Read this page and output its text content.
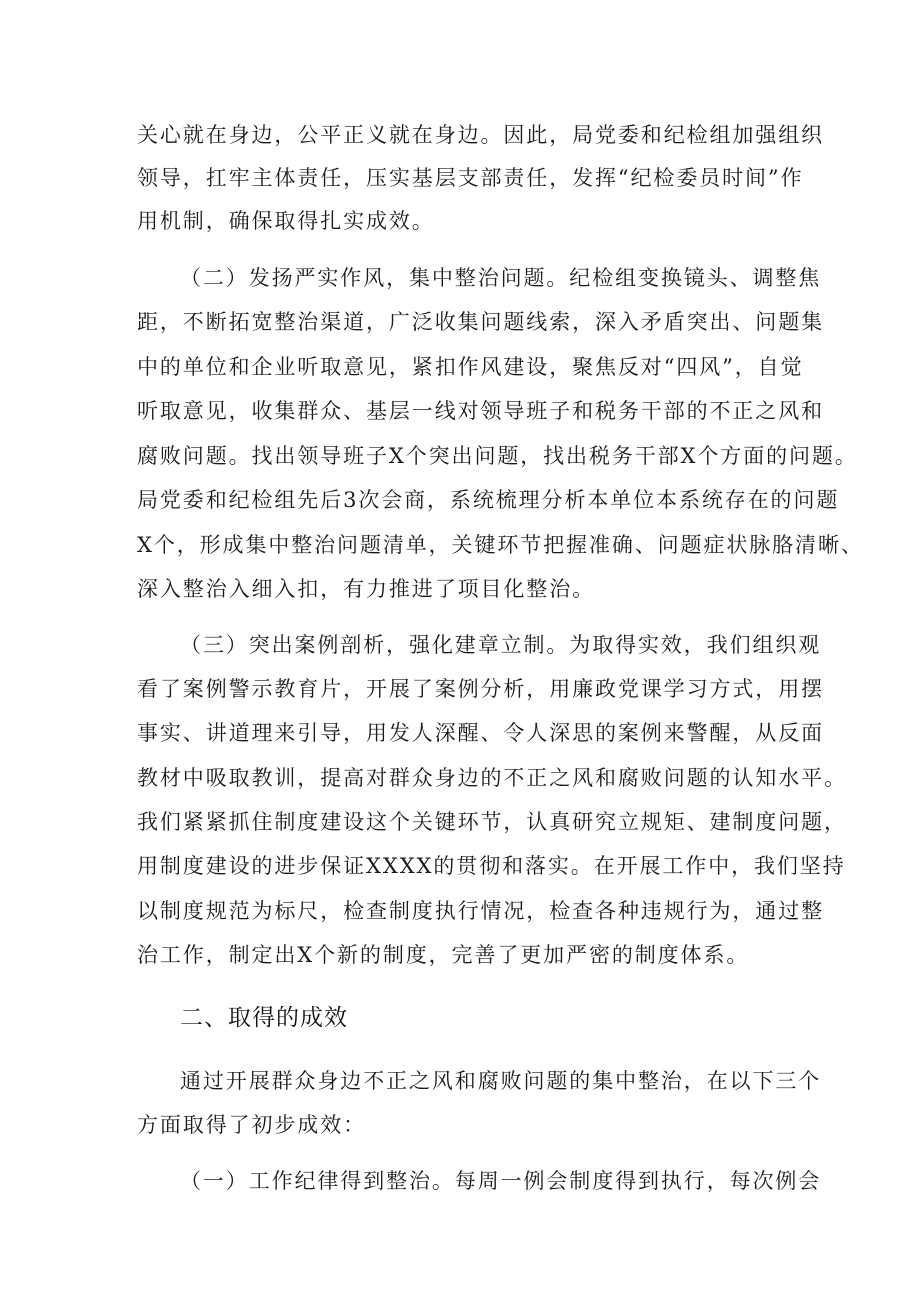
关心就在身边，公平正义就在身边。因此，局党委和纪检组加强组织
领导，扛牢主体责任，压实基层支部责任，发挥“纪检委员时间”作
用机制，确保取得扎实成效。
（二）发扬严实作风，集中整治问题。纪检组变换镜头、调整焦
距，不断拓宽整治渠道，广泛收集问题线索，深入矛盾突出、问题集
中的单位和企业听取意见，紧扣作风建设，聚焦反对“四风”，自觉
听取意见，收集群众、基层一线对领导班子和税务干部的不正之风和
腐败问题。找出领导班子X个突出问题，找出税务干部X个方面的问题。
局党委和纪检组先后3次会商，系统梳理分析本单位本系统存在的问题
X个，形成集中整治问题清单，关键环节把握准确、问题症状脉胳清晰、
深入整治入细入扣，有力推进了项目化整治。
（三）突出案例剖析，强化建章立制。为取得实效，我们组织观
看了案例警示教育片，开展了案例分析，用廉政党课学习方式，用摆
事实、讲道理来引导，用发人深醒、令人深思的案例来警醒，从反面
教材中吸取教训，提高对群众身边的不正之风和腐败问题的认知水平。
我们紧紧抓住制度建设这个关键环节，认真研究立规矩、建制度问题，
用制度建设的进步保证XXXX的贯彻和落实。在开展工作中，我们坚持
以制度规范为标尺，检查制度执行情况，检查各种违规行为，通过整
治工作，制定出X个新的制度，完善了更加严密的制度体系。
二、取得的成效
通过开展群众身边不正之风和腐败问题的集中整治，在以下三个
方面取得了初步成效：
（一）工作纪律得到整治。每周一例会制度得到执行，每次例会
